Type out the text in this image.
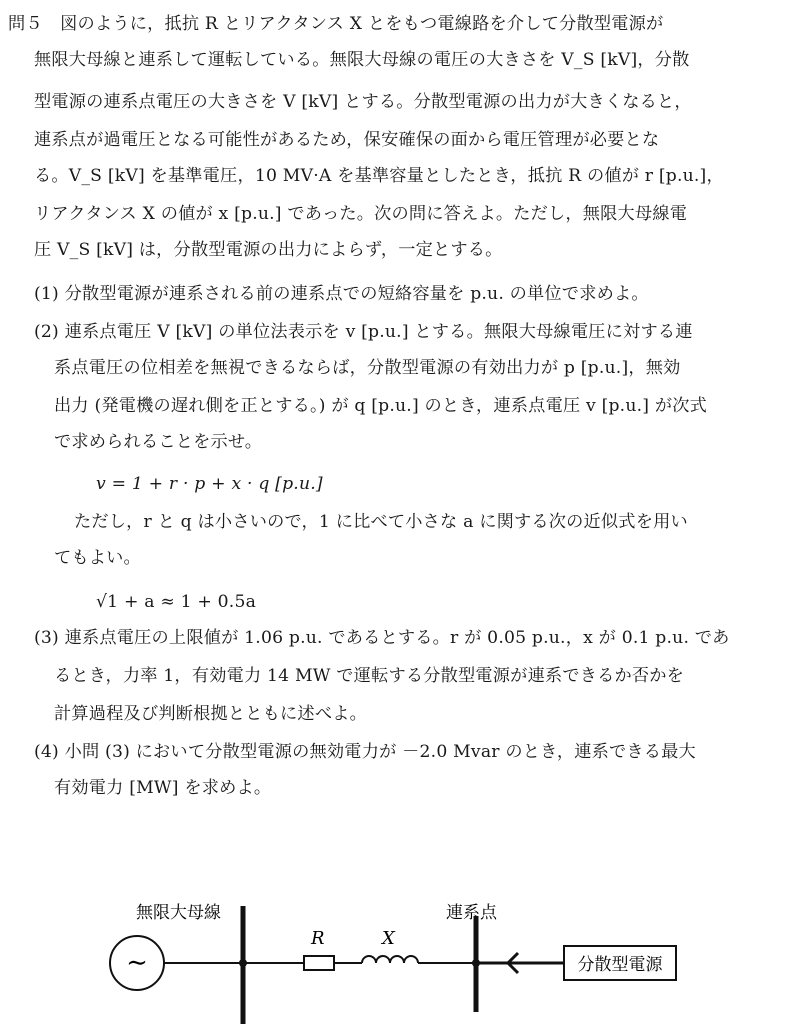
問５　図のように，抵抗 R とリアクタンス X とをもつ電線路を介して分散型電源が
無限大母線と連系して運転している。無限大母線の電圧の大きさを V_S [kV]，分散
型電源の連系点電圧の大きさを V [kV] とする。分散型電源の出力が大きくなると，
連系点が過電圧となる可能性があるため，保安確保の面から電圧管理が必要とな
る。V_S [kV] を基準電圧，10 MV·A を基準容量としたとき，抵抗 R の値が r [p.u.]，
リアクタンス X の値が x [p.u.] であった。次の問に答えよ。ただし，無限大母線電
圧 V_S [kV] は，分散型電源の出力によらず，一定とする。
(1) 分散型電源が連系される前の連系点での短絡容量を p.u. の単位で求めよ。
(2) 連系点電圧 V [kV] の単位法表示を v [p.u.] とする。無限大母線電圧に対する連
系点電圧の位相差を無視できるならば，分散型電源の有効出力が p [p.u.]，無効
出力 (発電機の遅れ側を正とする。) が q [p.u.] のとき，連系点電圧 v [p.u.] が次式
で求められることを示せ。
v = 1 + r · p + x · q [p.u.]
ただし，r と q は小さいので，1 に比べて小さな a に関する次の近似式を用い
てもよい。
√1 + a ≈ 1 + 0.5a
(3) 連系点電圧の上限値が 1.06 p.u. であるとする。r が 0.05 p.u.，x が 0.1 p.u. であ
るとき，力率 1，有効電力 14 MW で運転する分散型電源が連系できるか否かを
計算過程及び判断根拠とともに述べよ。
(4) 小問 (3) において分散型電源の無効電力が －2.0 Mvar のとき，連系できる最大
有効電力 [MW] を求めよ。
無限大母線	連系点
∼
R	X
分散型電源
